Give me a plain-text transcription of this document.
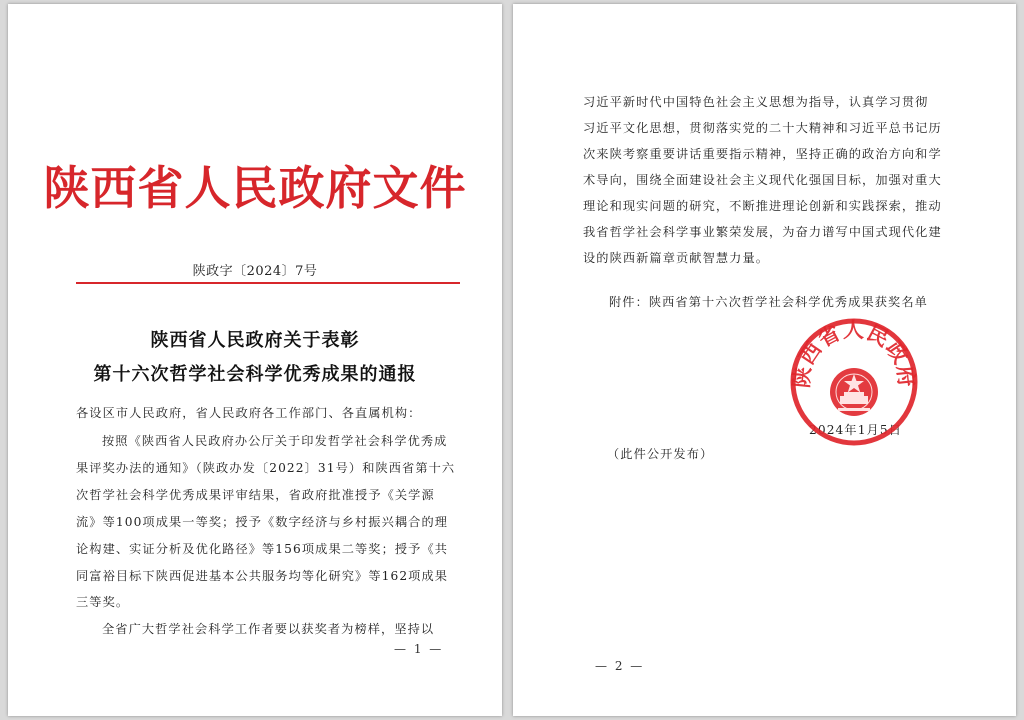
陕西省人民政府文件
陕政字〔2024〕7号
陕西省人民政府关于表彰
第十六次哲学社会科学优秀成果的通报
各设区市人民政府，省人民政府各工作部门、各直属机构：
按照《陕西省人民政府办公厅关于印发哲学社会科学优秀成
果评奖办法的通知》（陕政办发〔2022〕31号）和陕西省第十六
次哲学社会科学优秀成果评审结果，省政府批准授予《关学源
流》等100项成果一等奖；授予《数字经济与乡村振兴耦合的理
论构建、实证分析及优化路径》等156项成果二等奖；授予《共
同富裕目标下陕西促进基本公共服务均等化研究》等162项成果
三等奖。
全省广大哲学社会科学工作者要以获奖者为榜样，坚持以
— 1 —
习近平新时代中国特色社会主义思想为指导，认真学习贯彻
习近平文化思想，贯彻落实党的二十大精神和习近平总书记历
次来陕考察重要讲话重要指示精神，坚持正确的政治方向和学
术导向，围绕全面建设社会主义现代化强国目标，加强对重大
理论和现实问题的研究，不断推进理论创新和实践探索，推动
我省哲学社会科学事业繁荣发展，为奋力谱写中国式现代化建
设的陕西新篇章贡献智慧力量。
附件：陕西省第十六次哲学社会科学优秀成果获奖名单
2024年1月5日
陕西省人民政府
（此件公开发布）
— 2 —
